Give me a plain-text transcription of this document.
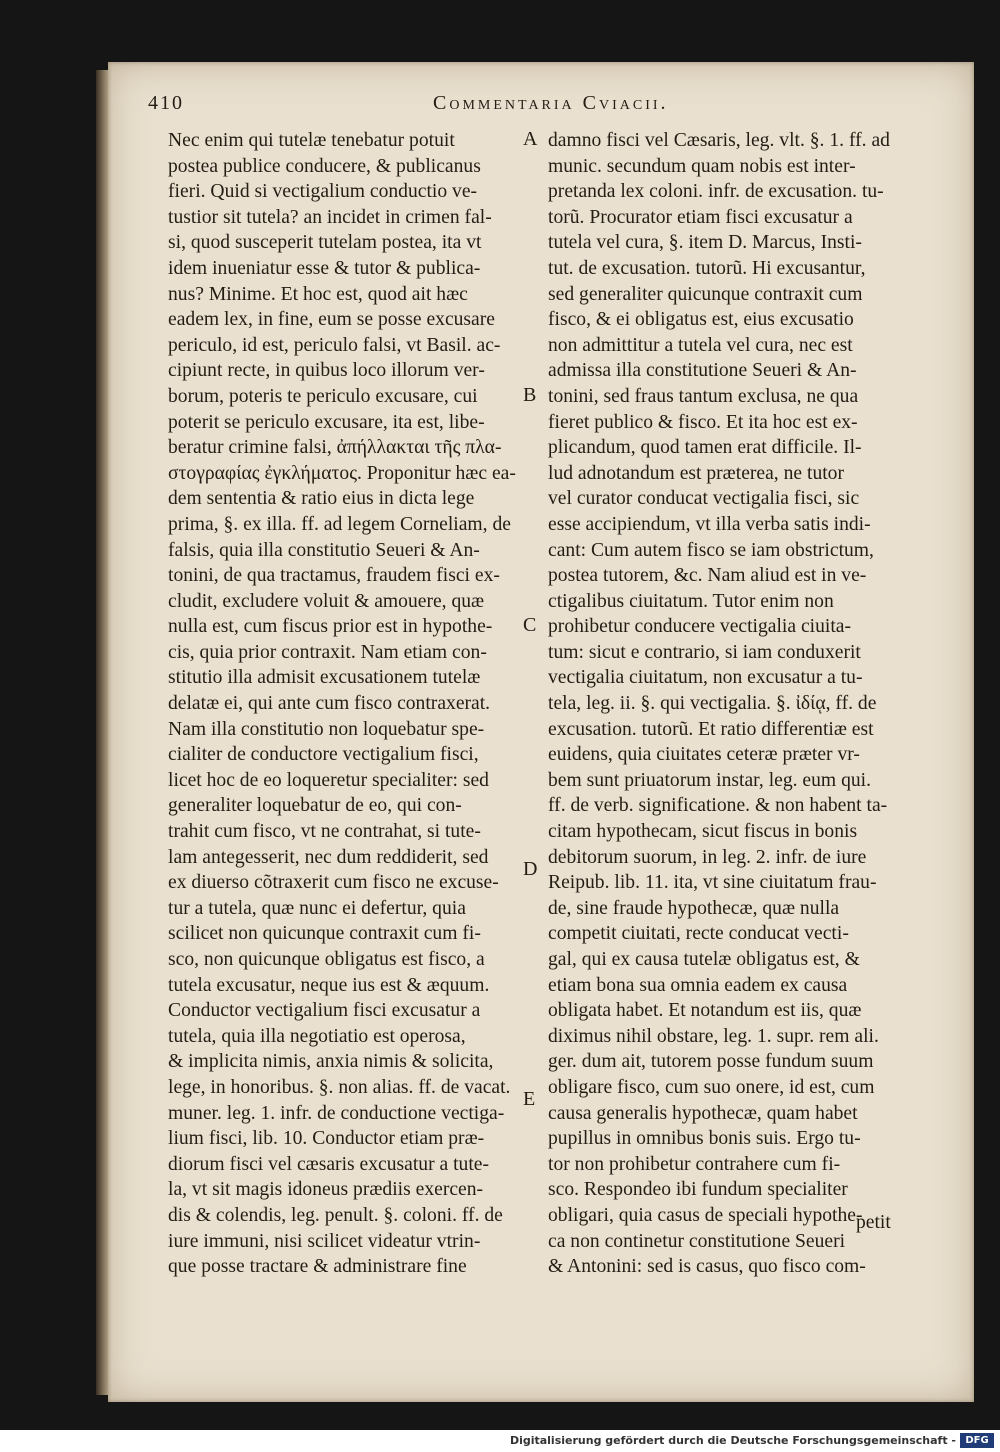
410	Commentaria Cviacii.
Nec enim qui tutelæ tenebatur potuit
postea publice conducere, & publicanus
fieri. Quid si vectigalium conductio ve-
tustior sit tutela? an incidet in crimen fal-
si, quod susceperit tutelam postea, ita vt
idem inueniatur esse & tutor & publica-
nus? Minime. Et hoc est, quod ait hæc
eadem lex, in fine, eum se posse excusare
periculo, id est, periculo falsi, vt Basil. ac-
cipiunt recte, in quibus loco illorum ver-
borum, poteris te periculo excusare, cui
poterit se periculo excusare, ita est, libe-
beratur crimine falsi, ἀπήλλακται τῆς πλα-
στογραφίας ἐγκλήματος. Proponitur hæc ea-
dem sententia & ratio eius in dicta lege
prima, §. ex illa. ff. ad legem Corneliam, de
falsis, quia illa constitutio Seueri & An-
tonini, de qua tractamus, fraudem fisci ex-
cludit, excludere voluit & amouere, quæ
nulla est, cum fiscus prior est in hypothe-
cis, quia prior contraxit. Nam etiam con-
stitutio illa admisit excusationem tutelæ
delatæ ei, qui ante cum fisco contraxerat.
Nam illa constitutio non loquebatur spe-
cialiter de conductore vectigalium fisci,
licet hoc de eo loqueretur specialiter: sed
generaliter loquebatur de eo, qui con-
trahit cum fisco, vt ne contrahat, si tute-
lam antegesserit, nec dum reddiderit, sed
ex diuerso cõtraxerit cum fisco ne excuse-
tur a tutela, quæ nunc ei defertur, quia
scilicet non quicunque contraxit cum fi-
sco, non quicunque obligatus est fisco, a
tutela excusatur, neque ius est & æquum.
Conductor vectigalium fisci excusatur a
tutela, quia illa negotiatio est operosa,
& implicita nimis, anxia nimis & solicita,
lege, in honoribus. §. non alias. ff. de vacat.
muner. leg. 1. infr. de conductione vectiga-
lium fisci, lib. 10. Conductor etiam præ-
diorum fisci vel cæsaris excusatur a tute-
la, vt sit magis idoneus prædiis exercen-
dis & colendis, leg. penult. §. coloni. ff. de
iure immuni, nisi scilicet videatur vtrin-
que posse tractare & administrare fine
damno fisci vel Cæsaris, leg. vlt. §. 1. ff. ad
munic. secundum quam nobis est inter-
pretanda lex coloni. infr. de excusation. tu-
torũ. Procurator etiam fisci excusatur a
tutela vel cura, §. item D. Marcus, Insti-
tut. de excusation. tutorũ. Hi excusantur,
sed generaliter quicunque contraxit cum
fisco, & ei obligatus est, eius excusatio
non admittitur a tutela vel cura, nec est
admissa illa constitutione Seueri & An-
tonini, sed fraus tantum exclusa, ne qua
fieret publico & fisco. Et ita hoc est ex-
plicandum, quod tamen erat difficile. Il-
lud adnotandum est præterea, ne tutor
vel curator conducat vectigalia fisci, sic
esse accipiendum, vt illa verba satis indi-
cant: Cum autem fisco se iam obstrictum,
postea tutorem, &c. Nam aliud est in ve-
ctigalibus ciuitatum. Tutor enim non
prohibetur conducere vectigalia ciuita-
tum: sicut e contrario, si iam conduxerit
vectigalia ciuitatum, non excusatur a tu-
tela, leg. ii. §. qui vectigalia. §. ἰδίᾳ, ff. de
excusation. tutorũ. Et ratio differentiæ est
euidens, quia ciuitates ceteræ præter vr-
bem sunt priuatorum instar, leg. eum qui.
ff. de verb. significatione. & non habent ta-
citam hypothecam, sicut fiscus in bonis
debitorum suorum, in leg. 2. infr. de iure
Reipub. lib. 11. ita, vt sine ciuitatum frau-
de, sine fraude hypothecæ, quæ nulla
competit ciuitati, recte conducat vecti-
gal, qui ex causa tutelæ obligatus est, &
etiam bona sua omnia eadem ex causa
obligata habet. Et notandum est iis, quæ
diximus nihil obstare, leg. 1. supr. rem ali.
ger. dum ait, tutorem posse fundum suum
obligare fisco, cum suo onere, id est, cum
causa generalis hypothecæ, quam habet
pupillus in omnibus bonis suis. Ergo tu-
tor non prohibetur contrahere cum fi-
sco. Respondeo ibi fundum specialiter
obligari, quia casus de speciali hypothe-
ca non continetur constitutione Seueri
& Antonini: sed is casus, quo fisco com-
A
B
C
D
E
petit
Digitalisierung gefördert durch die Deutsche Forschungsgemeinschaft - DFG
